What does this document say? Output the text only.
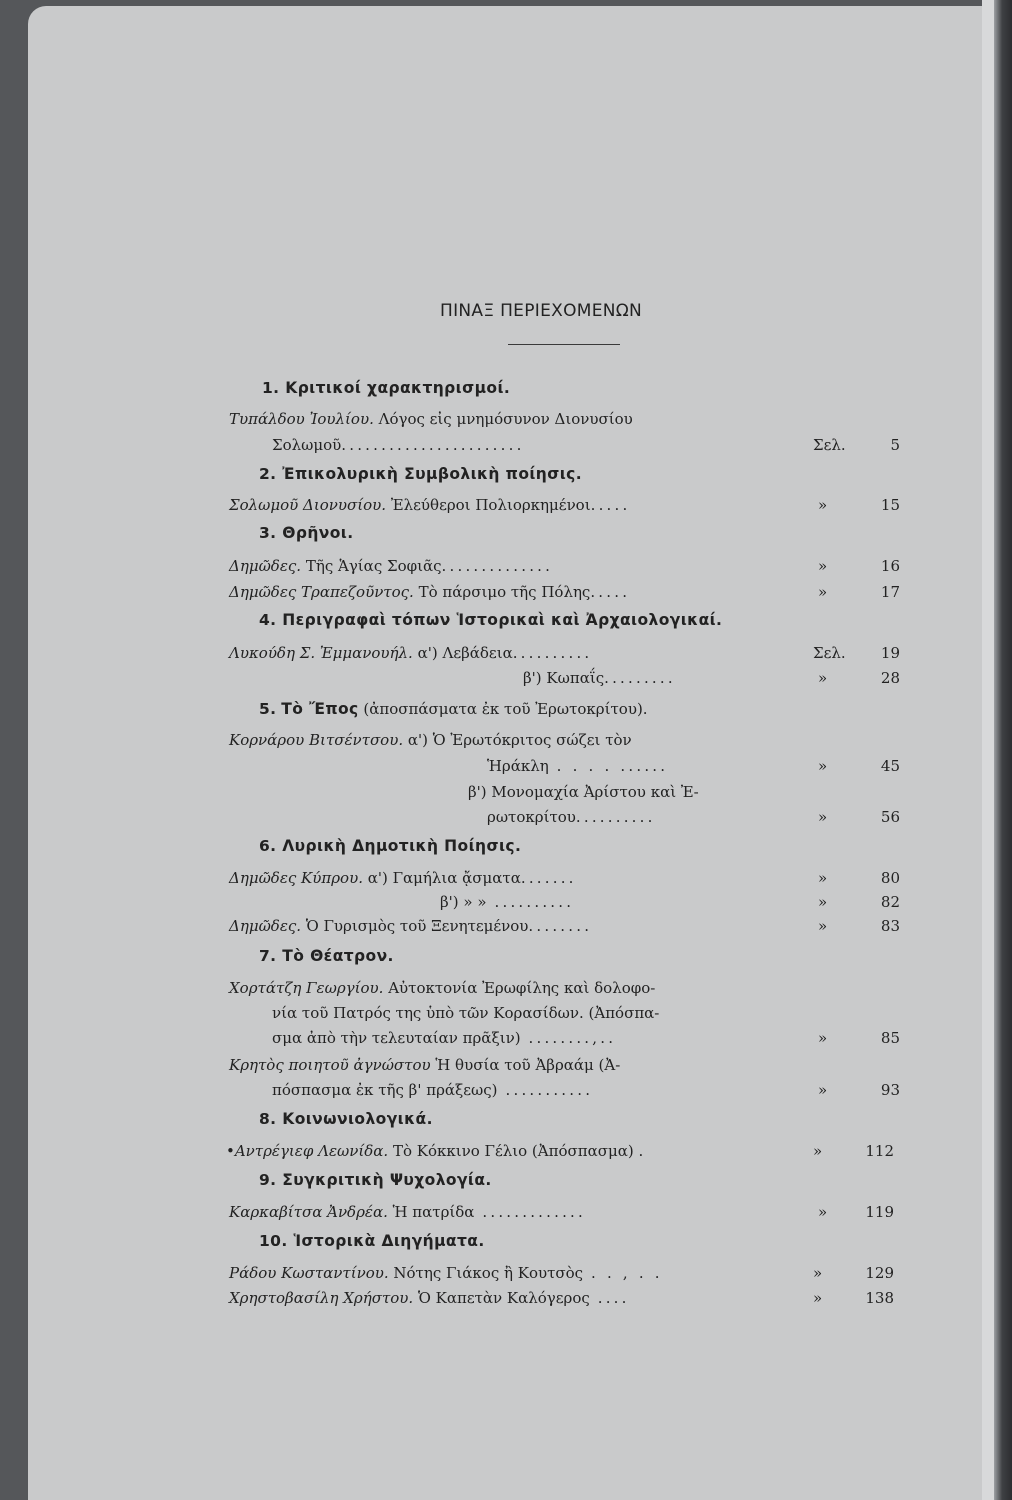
ΠΙΝΑΞ ΠΕΡΙΕΧΟΜΕΝΩΝ
1. Κριτικοί χαρακτηρισμοί.
Τυπάλδου Ἰουλίου. Λόγος εἰς μνημόσυνον Διονυσίου
Σολωμοῦ.......................	Σελ.	5
2. Ἐπικολυρικὴ Συμβολικὴ ποίησις.
Σολωμοῦ Διονυσίου. Ἐλεύθεροι Πολιορκημένοι.....	»	15
3. Θρῆνοι.
Δημῶδες. Τῆς Ἁγίας Σοφιᾶς..............	»	16
Δημῶδες Τραπεζοῦντος. Τὸ πάρσιμο τῆς Πόλης.....	»	17
4. Περιγραφαὶ τόπων Ἱστορικαὶ καὶ Ἀρχαιολογικαί.
Λυκούδη Σ. Ἐμμανουήλ. α') Λεβάδεια..........	Σελ.	19
β') Κωπαΐς.........	»	28
5. Τὸ Ἔπος (ἀποσπάσματα ἐκ τοῦ Ἐρωτοκρίτου).
Κορνάρου Βιτσέντσου. α') Ὁ Ἐρωτόκριτος σώζει τὸν
Ἡράκλη . . . . ......	»	45
β') Μονομαχία Ἀρίστου καὶ Ἐ-
ρωτοκρίτου..........	»	56
6. Λυρικὴ Δημοτικὴ Ποίησις.
Δημῶδες Κύπρου. α') Γαμήλια ᾄσματα.......	»	80
β') » » ..........	»	82
Δημῶδες. Ὁ Γυρισμὸς τοῦ Ξενητεμένου........	»	83
7. Τὸ Θέατρον.
Χορτάτζη Γεωργίου. Αὐτοκτονία Ἐρωφίλης καὶ δολοφο-
νία τοῦ Πατρός της ὑπὸ τῶν Κορασίδων. (Ἀπόσπα-
σμα ἀπὸ τὴν τελευταίαν πρᾶξιν) ........,..	»	85
Κρητὸς ποιητοῦ ἀγνώστου Ἡ θυσία τοῦ Ἀβραάμ (Ἀ-
πόσπασμα ἐκ τῆς β' πράξεως) ...........	»	93
8. Κοινωνιολογικά.
•Αντρέγιεφ Λεωνίδα. Τὸ Κόκκινο Γέλιο (Ἀπόσπασμα) .	»	112
9. Συγκριτικὴ Ψυχολογία.
Καρκαβίτσα Ἀνδρέα. Ἡ πατρίδα .............	»	119
10. Ἱστορικὰ Διηγήματα.
Ράδου Κωσταντίνου. Νότης Γιάκος ἢ Κουτσὸς . . , . .	»	129
Χρηστοβασίλη Χρήστου. Ὁ Καπετὰν Καλόγερος ....	»	138
